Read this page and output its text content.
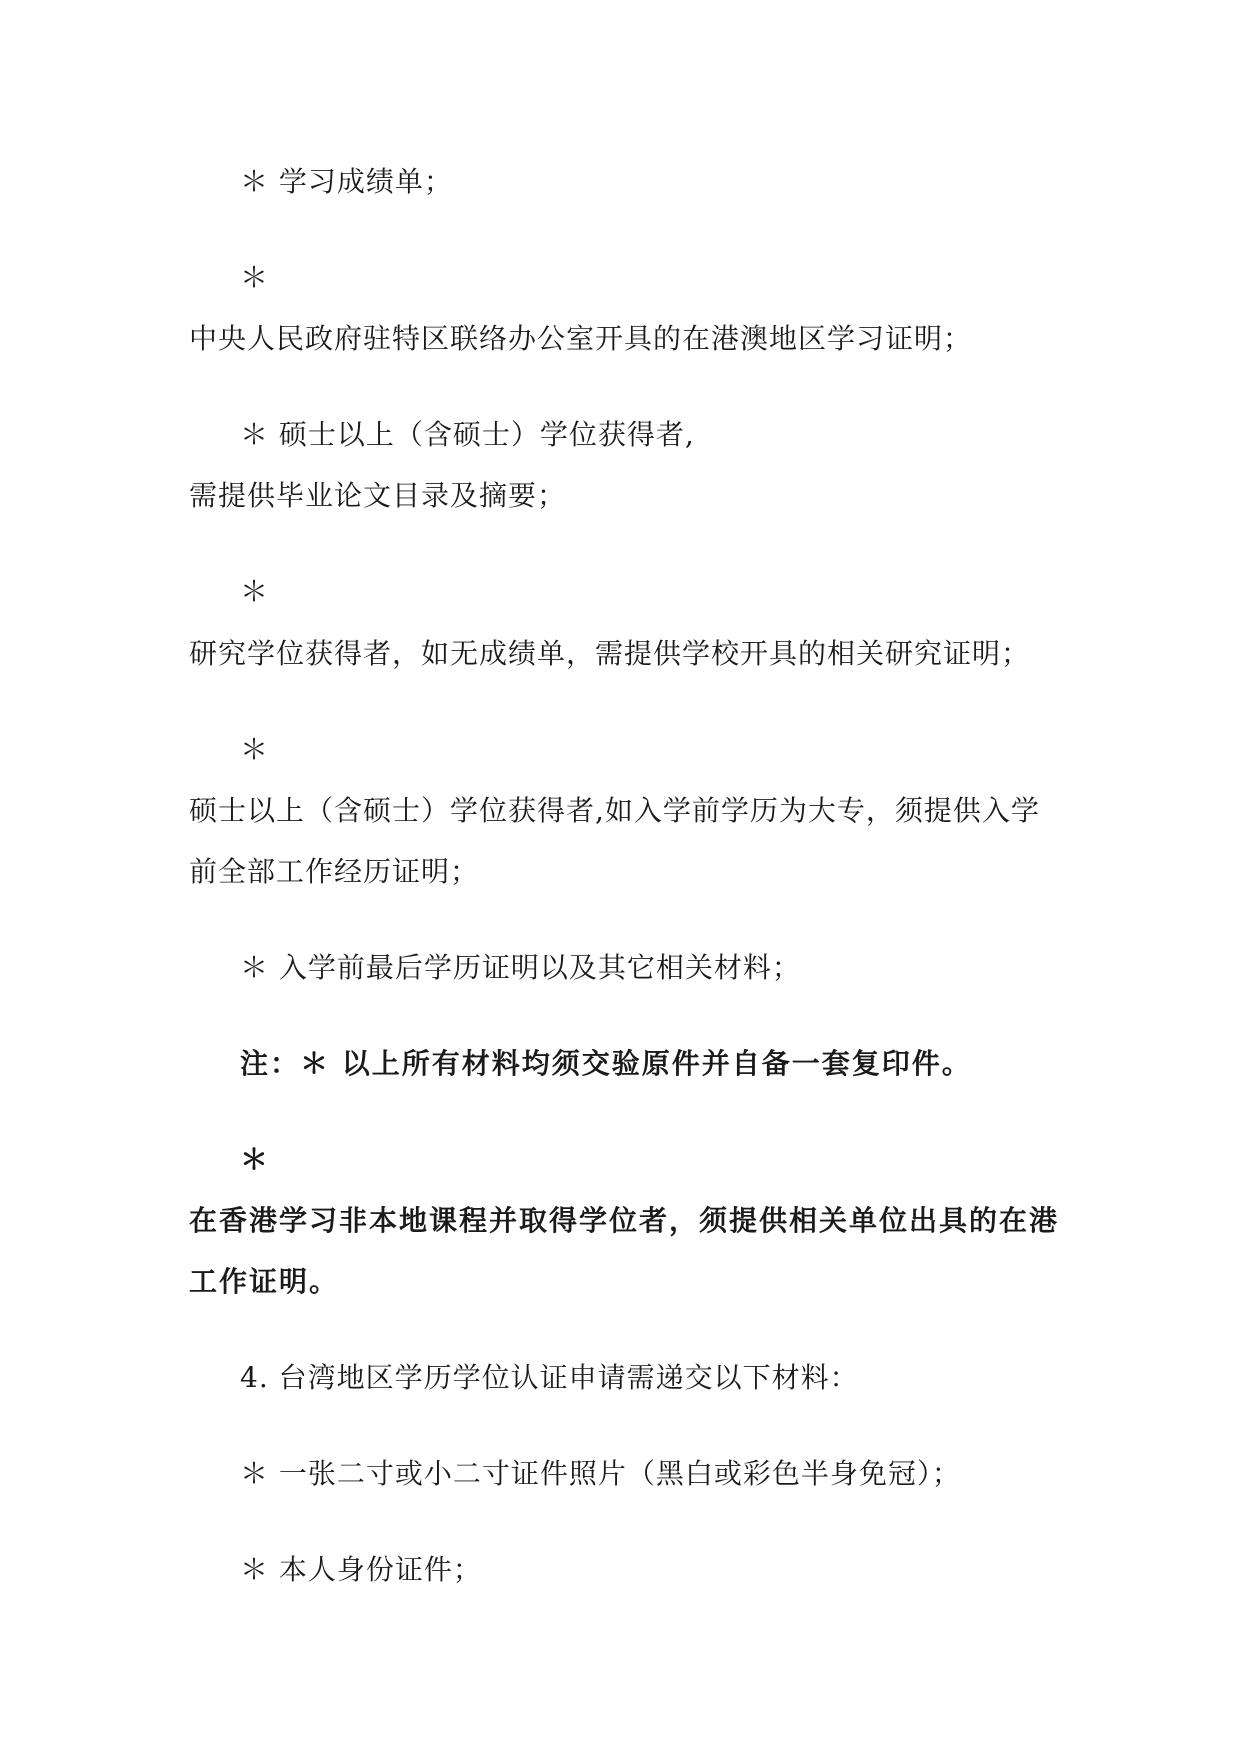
＊ 学习成绩单；
＊
中央人民政府驻特区联络办公室开具的在港澳地区学习证明；
＊ 硕士以上（含硕士）学位获得者,
需提供毕业论文目录及摘要；
＊
研究学位获得者，如无成绩单，需提供学校开具的相关研究证明；
＊
硕士以上（含硕士）学位获得者,如入学前学历为大专，须提供入学
前全部工作经历证明；
＊ 入学前最后学历证明以及其它相关材料；
注：＊ 以上所有材料均须交验原件并自备一套复印件。
＊
在香港学习非本地课程并取得学位者，须提供相关单位出具的在港
工作证明。
4. 台湾地区学历学位认证申请需递交以下材料：
＊ 一张二寸或小二寸证件照片（黑白或彩色半身免冠）；
＊ 本人身份证件；
